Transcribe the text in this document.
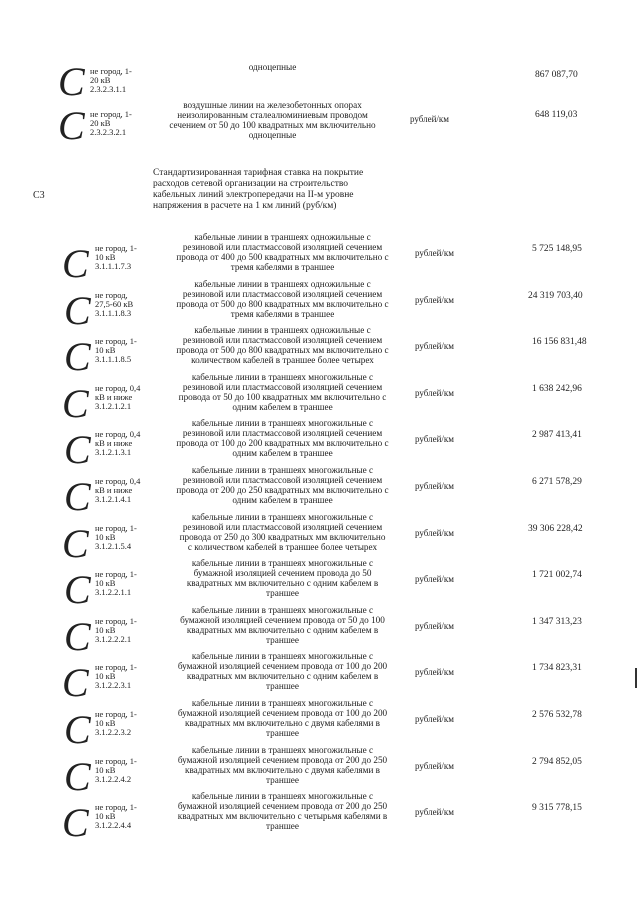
C не город, 1-
20 кВ
2.3.2.3.1.1
одноцепные
867 087,70
C не город, 1-
20 кВ
2.3.2.3.2.1
воздушные линии на железобетонных опорах
неизолированным сталеалюминиевым проводом
сечением от 50 до 100 квадратных мм включительно
одноцепные
рублей/км	648 119,03
С3
Стандартизированная тарифная ставка на покрытие
расходов сетевой организации на строительство
кабельных линий электропередачи на II-м уровне
напряжения в расчете на 1 км линий (руб/км)
C не город, 1-
10 кВ
3.1.1.1.7.3
кабельные линии в траншеях одножильные с
резиновой или пластмассовой изоляцией сечением
провода от 400 до 500 квадратных мм включительно с
тремя кабелями в траншее
рублей/км	5 725 148,95
C не город,
27,5-60 кВ
3.1.1.1.8.3
кабельные линии в траншеях одножильные с
резиновой или пластмассовой изоляцией сечением
провода от 500 до 800 квадратных мм включительно с
тремя кабелями в траншее
рублей/км	24 319 703,40
C не город, 1-
10 кВ
3.1.1.1.8.5
кабельные линии в траншеях одножильные с
резиновой или пластмассовой изоляцией сечением
провода от 500 до 800 квадратных мм включительно с
количеством кабелей в траншее более четырех
рублей/км	16 156 831,48
C не город, 0,4
кВ и ниже
3.1.2.1.2.1
кабельные линии в траншеях многожильные с
резиновой или пластмассовой изоляцией сечением
провода от 50 до 100 квадратных мм включительно с
одним кабелем в траншее
рублей/км	1 638 242,96
C не город, 0,4
кВ и ниже
3.1.2.1.3.1
кабельные линии в траншеях многожильные с
резиновой или пластмассовой изоляцией сечением
провода от 100 до 200 квадратных мм включительно с
одним кабелем в траншее
рублей/км	2 987 413,41
C не город, 0,4
кВ и ниже
3.1.2.1.4.1
кабельные линии в траншеях многожильные с
резиновой или пластмассовой изоляцией сечением
провода от 200 до 250 квадратных мм включительно с
одним кабелем в траншее
рублей/км	6 271 578,29
C не город, 1-
10 кВ
3.1.2.1.5.4
кабельные линии в траншеях многожильные с
резиновой или пластмассовой изоляцией сечением
провода от 250 до 300 квадратных мм включительно
с количеством кабелей в траншее более четырех
рублей/км	39 306 228,42
C не город, 1-
10 кВ
3.1.2.2.1.1
кабельные линии в траншеях многожильные с
бумажной изоляцией сечением провода до 50
квадратных мм включительно с одним кабелем в
траншее
рублей/км	1 721 002,74
C не город, 1-
10 кВ
3.1.2.2.2.1
кабельные линии в траншеях многожильные с
бумажной изоляцией сечением провода от 50 до 100
квадратных мм включительно с одним кабелем в
траншее
рублей/км	1 347 313,23
C не город, 1-
10 кВ
3.1.2.2.3.1
кабельные линии в траншеях многожильные с
бумажной изоляцией сечением провода от 100 до 200
квадратных мм включительно с одним кабелем в
траншее
рублей/км	1 734 823,31
C не город, 1-
10 кВ
3.1.2.2.3.2
кабельные линии в траншеях многожильные с
бумажной изоляцией сечением провода от 100 до 200
квадратных мм включительно с двумя кабелями в
траншее
рублей/км	2 576 532,78
C не город, 1-
10 кВ
3.1.2.2.4.2
кабельные линии в траншеях многожильные с
бумажной изоляцией сечением провода от 200 до 250
квадратных мм включительно с двумя кабелями в
траншее
рублей/км	2 794 852,05
C не город, 1-
10 кВ
3.1.2.2.4.4
кабельные линии в траншеях многожильные с
бумажной изоляцией сечением провода от 200 до 250
квадратных мм включительно с четырьмя кабелями в
траншее
рублей/км	9 315 778,15
